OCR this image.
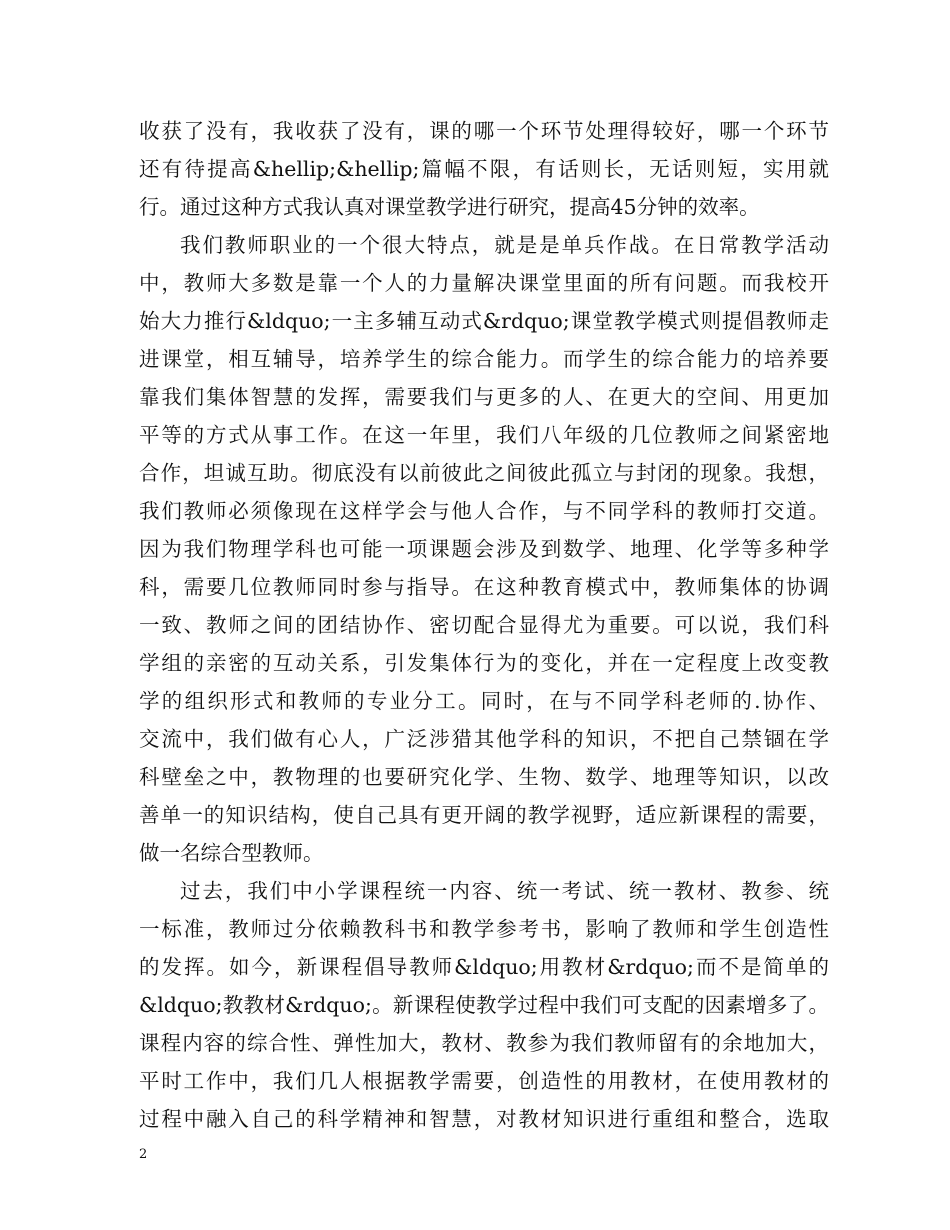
收获了没有，我收获了没有，课的哪一个环节处理得较好，哪一个环节
还有待提高&hellip;&hellip;篇幅不限，有话则长，无话则短，实用就
行。通过这种方式我认真对课堂教学进行研究，提高45分钟的效率。
我们教师职业的一个很大特点，就是是单兵作战。在日常教学活动
中，教师大多数是靠一个人的力量解决课堂里面的所有问题。而我校开
始大力推行&ldquo;一主多辅互动式&rdquo;课堂教学模式则提倡教师走
进课堂，相互辅导，培养学生的综合能力。而学生的综合能力的培养要
靠我们集体智慧的发挥，需要我们与更多的人、在更大的空间、用更加
平等的方式从事工作。在这一年里，我们八年级的几位教师之间紧密地
合作，坦诚互助。彻底没有以前彼此之间彼此孤立与封闭的现象。我想，
我们教师必须像现在这样学会与他人合作，与不同学科的教师打交道。
因为我们物理学科也可能一项课题会涉及到数学、地理、化学等多种学
科，需要几位教师同时参与指导。在这种教育模式中，教师集体的协调
一致、教师之间的团结协作、密切配合显得尤为重要。可以说，我们科
学组的亲密的互动关系，引发集体行为的变化，并在一定程度上改变教
学的组织形式和教师的专业分工。同时，在与不同学科老师的.协作、
交流中，我们做有心人，广泛涉猎其他学科的知识，不把自己禁锢在学
科壁垒之中，教物理的也要研究化学、生物、数学、地理等知识，以改
善单一的知识结构，使自己具有更开阔的教学视野，适应新课程的需要，
做一名综合型教师。
过去，我们中小学课程统一内容、统一考试、统一教材、教参、统
一标准，教师过分依赖教科书和教学参考书，影响了教师和学生创造性
的发挥。如今，新课程倡导教师&ldquo;用教材&rdquo;而不是简单的
&ldquo;教教材&rdquo;。新课程使教学过程中我们可支配的因素增多了。
课程内容的综合性、弹性加大，教材、教参为我们教师留有的余地加大，
平时工作中，我们几人根据教学需要，创造性的用教材，在使用教材的
过程中融入自己的科学精神和智慧，对教材知识进行重组和整合，选取
2
